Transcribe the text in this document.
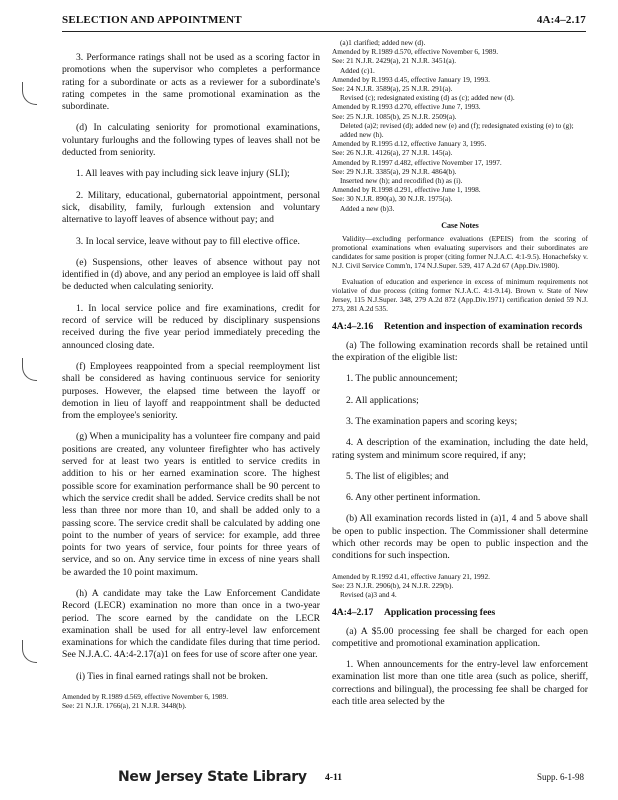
SELECTION AND APPOINTMENT	4A:4–2.17

3. Performance ratings shall not be used as a scoring factor in promotions when the supervisor who completes a performance rating for a subordinate or acts as a reviewer for a subordinate's rating competes in the same promotional examination as the subordinate.

(d) In calculating seniority for promotional examinations, voluntary furloughs and the following types of leaves shall not be deducted from seniority.

1. All leaves with pay including sick leave injury (SLI);

2. Military, educational, gubernatorial appointment, personal sick, disability, family, furlough extension and voluntary alternative to layoff leaves of absence without pay; and

3. In local service, leave without pay to fill elective office.

(e) Suspensions, other leaves of absence without pay not identified in (d) above, and any period an employee is laid off shall be deducted when calculating seniority.

1. In local service police and fire examinations, credit for record of service will be reduced by disciplinary suspensions received during the five year period immediately preceding the announced closing date.

(f) Employees reappointed from a special reemployment list shall be considered as having continuous service for seniority purposes. However, the elapsed time between the layoff or demotion in lieu of layoff and reappointment shall be deducted from the employee's seniority.

(g) When a municipality has a volunteer fire company and paid positions are created, any volunteer firefighter who has actively served for at least two years is entitled to service credits in addition to his or her earned examination score. The highest possible score for examination performance shall be 90 percent to which the service credit shall be added. Service credits shall be not less than three nor more than 10, and shall be added only to a passing score. The service credit shall be calculated by adding one point to the number of years of service: for example, add three points for two years of service, four points for three years of service, and so on. Any service time in excess of nine years shall be awarded the 10 point maximum.

(h) A candidate may take the Law Enforcement Candidate Record (LECR) examination no more than once in a two-year period. The score earned by the candidate on the LECR examination shall be used for all entry-level law enforcement examinations for which the candidate files during that time period. See N.J.A.C. 4A:4-2.17(a)1 on fees for use of score after one year.

(i) Ties in final earned ratings shall not be broken.

Amended by R.1989 d.569, effective November 6, 1989.

See: 21 N.J.R. 1766(a), 21 N.J.R. 3448(b).

(a)1 clarified; added new (d).

Amended by R.1989 d.570, effective November 6, 1989.

See: 21 N.J.R. 2429(a), 21 N.J.R. 3451(a).

Added (c)1.

Amended by R.1993 d.45, effective January 19, 1993.

See: 24 N.J.R. 3589(a), 25 N.J.R. 291(a).

Revised (c); redesignated existing (d) as (c); added new (d).

Amended by R.1993 d.270, effective June 7, 1993.

See: 25 N.J.R. 1085(b), 25 N.J.R. 2509(a).

Deleted (a)2; revised (d); added new (e) and (f); redesignated existing (e) to (g); added new (h).

Amended by R.1995 d.12, effective January 3, 1995.

See: 26 N.J.R. 4126(a), 27 N.J.R. 145(a).

Amended by R.1997 d.482, effective November 17, 1997.

See: 29 N.J.R. 3385(a), 29 N.J.R. 4864(b).

Inserted new (h); and recodified (h) as (i).

Amended by R.1998 d.291, effective June 1, 1998.

See: 30 N.J.R. 890(a), 30 N.J.R. 1975(a).

Added a new (b)3.

Case Notes

Validity—excluding performance evaluations (EPEIS) from the scoring of promotional examinations when evaluating supervisors and their subordinates are candidates for same position is proper (citing former N.J.A.C. 4:1-9.5). Honachefsky v. N.J. Civil Service Comm'n, 174 N.J.Super. 539, 417 A.2d 67 (App.Div.1980).

Evaluation of education and experience in excess of minimum requirements not violative of due process (citing former N.J.A.C. 4:1-9.14). Brown v. State of New Jersey, 115 N.J.Super. 348, 279 A.2d 872 (App.Div.1971) certification denied 59 N.J. 273, 281 A.2d 535.

4A:4–2.16 Retention and inspection of examination records

(a) The following examination records shall be retained until the expiration of the eligible list:

1. The public announcement;

2. All applications;

3. The examination papers and scoring keys;

4. A description of the examination, including the date held, rating system and minimum score required, if any;

5. The list of eligibles; and

6. Any other pertinent information.

(b) All examination records listed in (a)1, 4 and 5 above shall be open to public inspection. The Commissioner shall determine which other records may be open to public inspection and the conditions for such inspection.

Amended by R.1992 d.41, effective January 21, 1992.

See: 23 N.J.R. 2906(b), 24 N.J.R. 229(b).

Revised (a)3 and 4.

4A:4–2.17 Application processing fees

(a) A $5.00 processing fee shall be charged for each open competitive and promotional examination application.

1. When announcements for the entry-level law enforcement examination list more than one title area (such as police, sheriff, corrections and bilingual), the processing fee shall be charged for each title area selected by the

New Jersey State Library 4-11	Supp. 6-1-98
